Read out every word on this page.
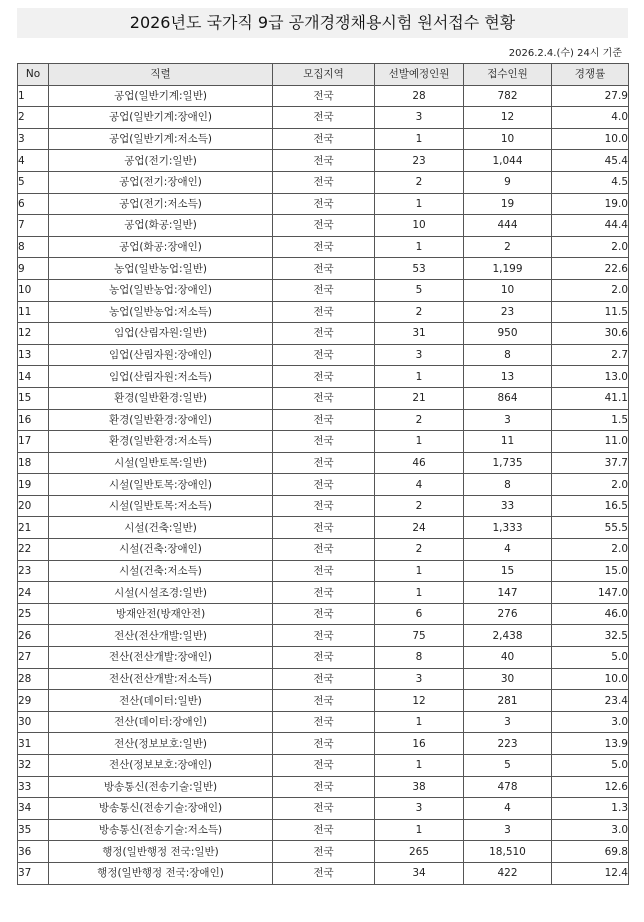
2026년도 국가직 9급 공개경쟁채용시험 원서접수 현황
2026.2.4.(수) 24시 기준
No	직렬	모집지역	선발예정인원	접수인원	경쟁률
1	공업(일반기계:일반)	전국	28	782	27.9
2	공업(일반기계:장애인)	전국	3	12	4.0
3	공업(일반기계:저소득)	전국	1	10	10.0
4	공업(전기:일반)	전국	23	1,044	45.4
5	공업(전기:장애인)	전국	2	9	4.5
6	공업(전기:저소득)	전국	1	19	19.0
7	공업(화공:일반)	전국	10	444	44.4
8	공업(화공:장애인)	전국	1	2	2.0
9	농업(일반농업:일반)	전국	53	1,199	22.6
10	농업(일반농업:장애인)	전국	5	10	2.0
11	농업(일반농업:저소득)	전국	2	23	11.5
12	임업(산림자원:일반)	전국	31	950	30.6
13	임업(산림자원:장애인)	전국	3	8	2.7
14	임업(산림자원:저소득)	전국	1	13	13.0
15	환경(일반환경:일반)	전국	21	864	41.1
16	환경(일반환경:장애인)	전국	2	3	1.5
17	환경(일반환경:저소득)	전국	1	11	11.0
18	시설(일반토목:일반)	전국	46	1,735	37.7
19	시설(일반토목:장애인)	전국	4	8	2.0
20	시설(일반토목:저소득)	전국	2	33	16.5
21	시설(건축:일반)	전국	24	1,333	55.5
22	시설(건축:장애인)	전국	2	4	2.0
23	시설(건축:저소득)	전국	1	15	15.0
24	시설(시설조경:일반)	전국	1	147	147.0
25	방재안전(방재안전)	전국	6	276	46.0
26	전산(전산개발:일반)	전국	75	2,438	32.5
27	전산(전산개발:장애인)	전국	8	40	5.0
28	전산(전산개발:저소득)	전국	3	30	10.0
29	전산(데이터:일반)	전국	12	281	23.4
30	전산(데이터:장애인)	전국	1	3	3.0
31	전산(정보보호:일반)	전국	16	223	13.9
32	전산(정보보호:장애인)	전국	1	5	5.0
33	방송통신(전송기술:일반)	전국	38	478	12.6
34	방송통신(전송기술:장애인)	전국	3	4	1.3
35	방송통신(전송기술:저소득)	전국	1	3	3.0
36	행정(일반행정 전국:일반)	전국	265	18,510	69.8
37	행정(일반행정 전국:장애인)	전국	34	422	12.4
